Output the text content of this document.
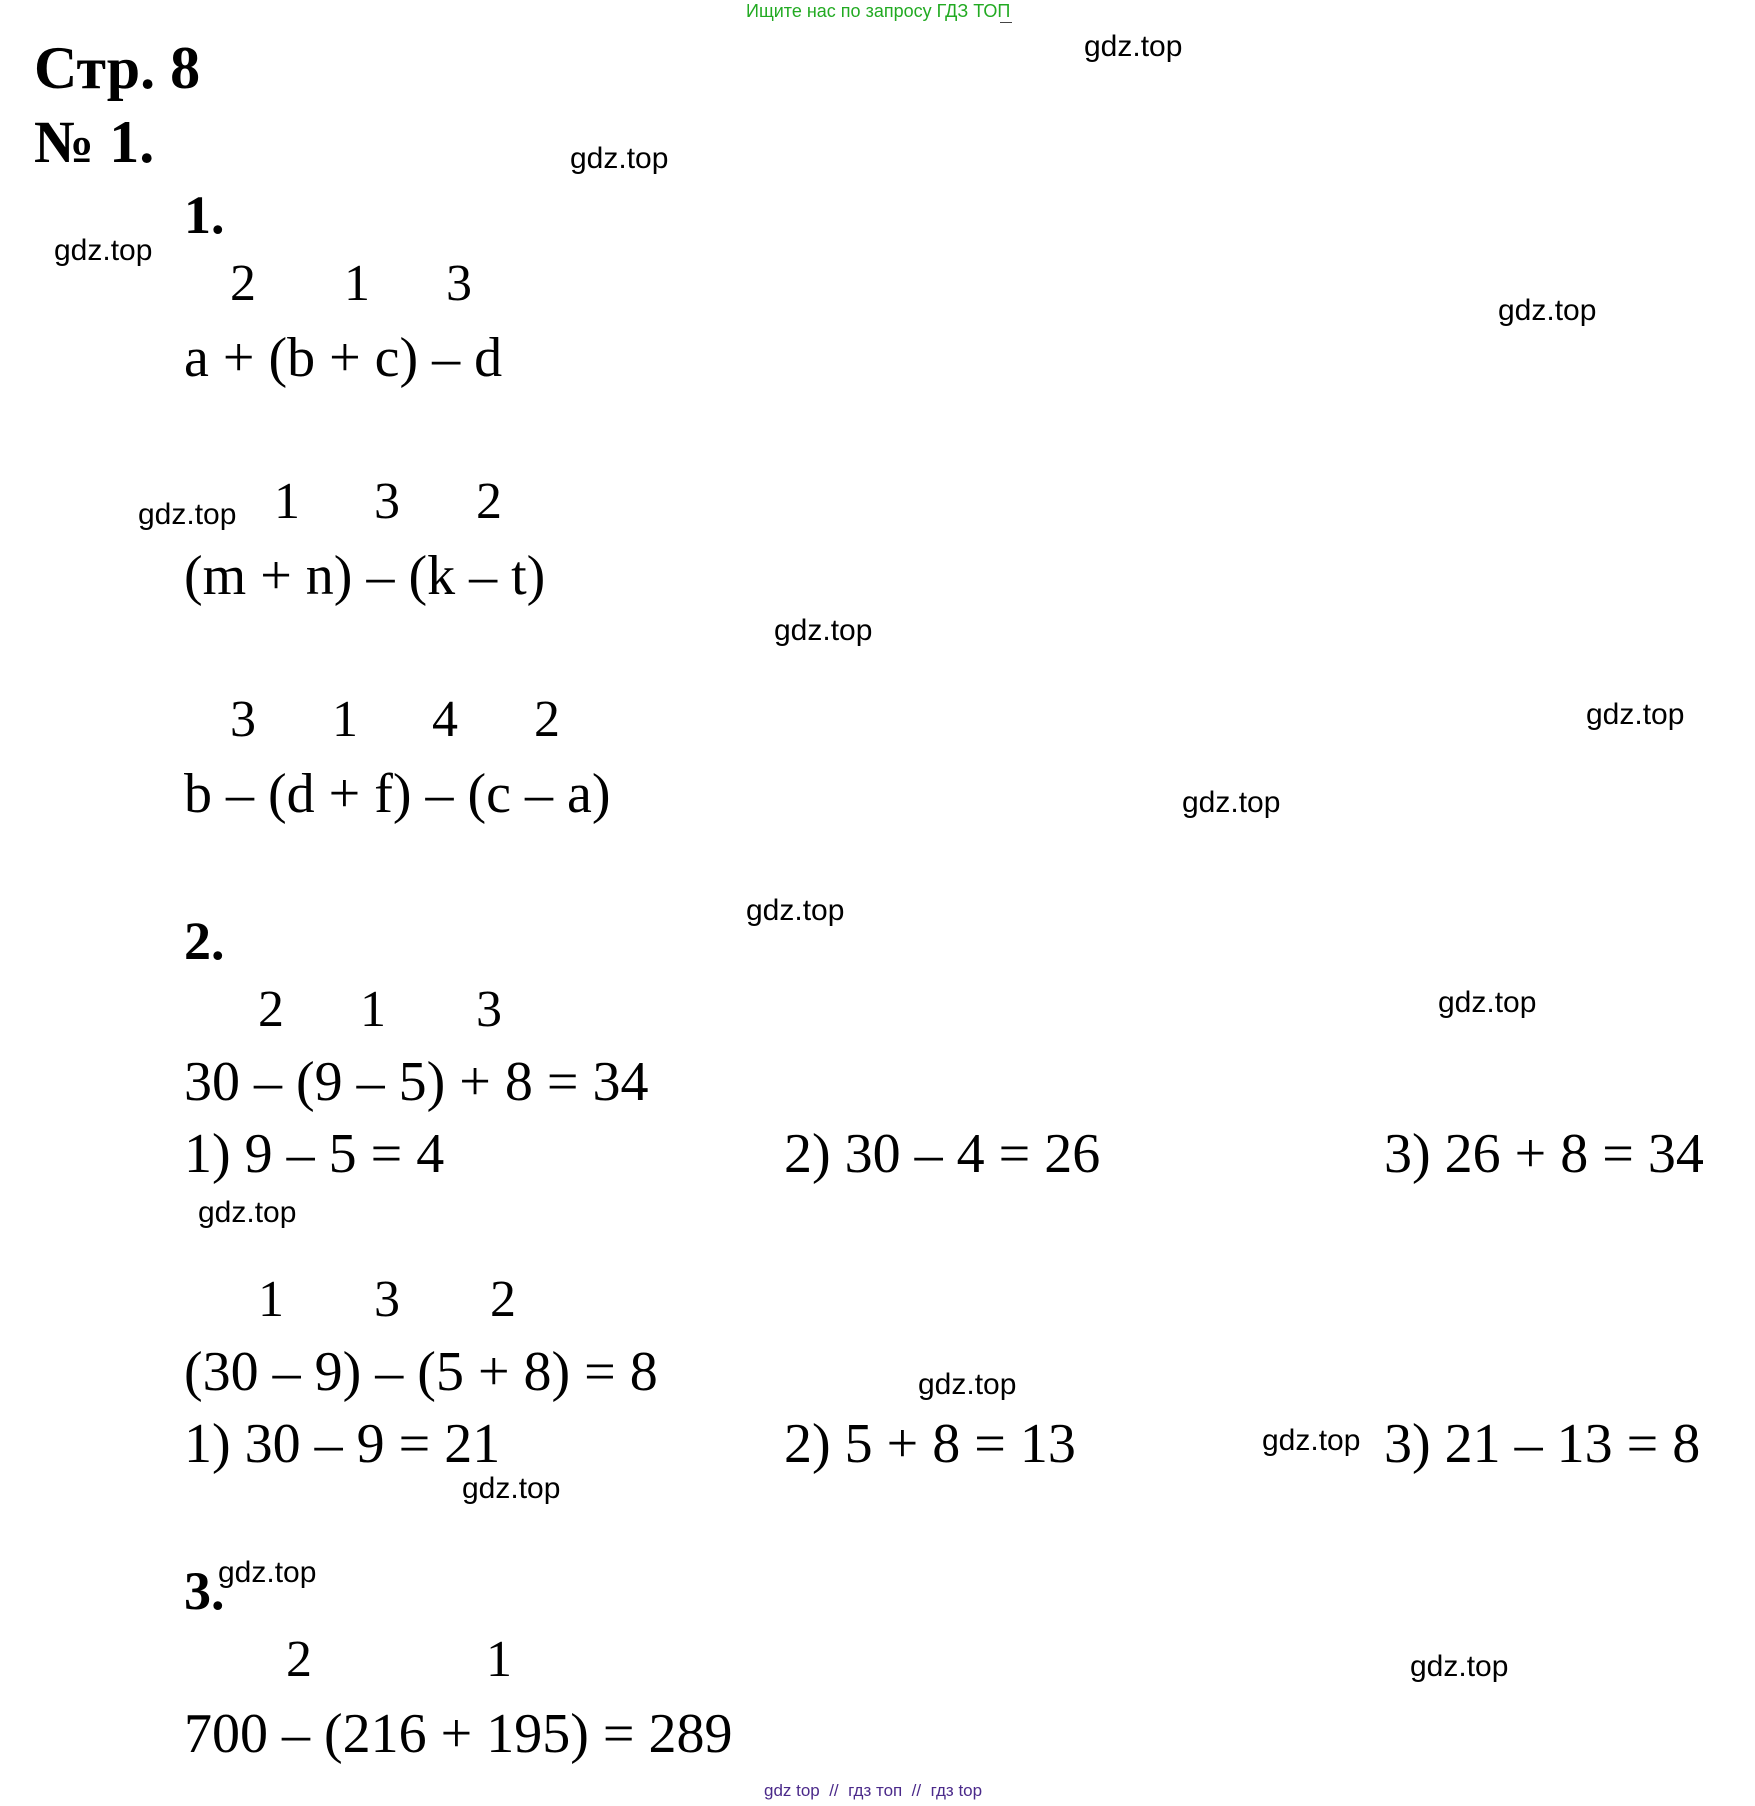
Ищите нас по запросу ГДЗ ТОП
Стр. 8
№ 1.
1.
2 1 3
a + (b + c) – d
1 3 2
(m + n) – (k – t)
3 1 4 2
b – (d + f) – (c – a)
2.
2 1 3
30 – (9 – 5) + 8 = 34
1) 9 – 5 = 4	2) 30 – 4 = 26	3) 26 + 8 = 34
1 3 2
(30 – 9) – (5 + 8) = 8
1) 30 – 9 = 21	2) 5 + 8 = 13	3) 21 – 13 = 8
3.
2	1
700 – (216 + 195) = 289
gdz.top
gdz.top
gdz.top
gdz.top
gdz.top
gdz.top
gdz.top
gdz.top
gdz.top
gdz.top
gdz.top
gdz.top
gdz.top
gdz.top
gdz.top
gdz.top
gdz top  //  гдз топ  //  гдз top
